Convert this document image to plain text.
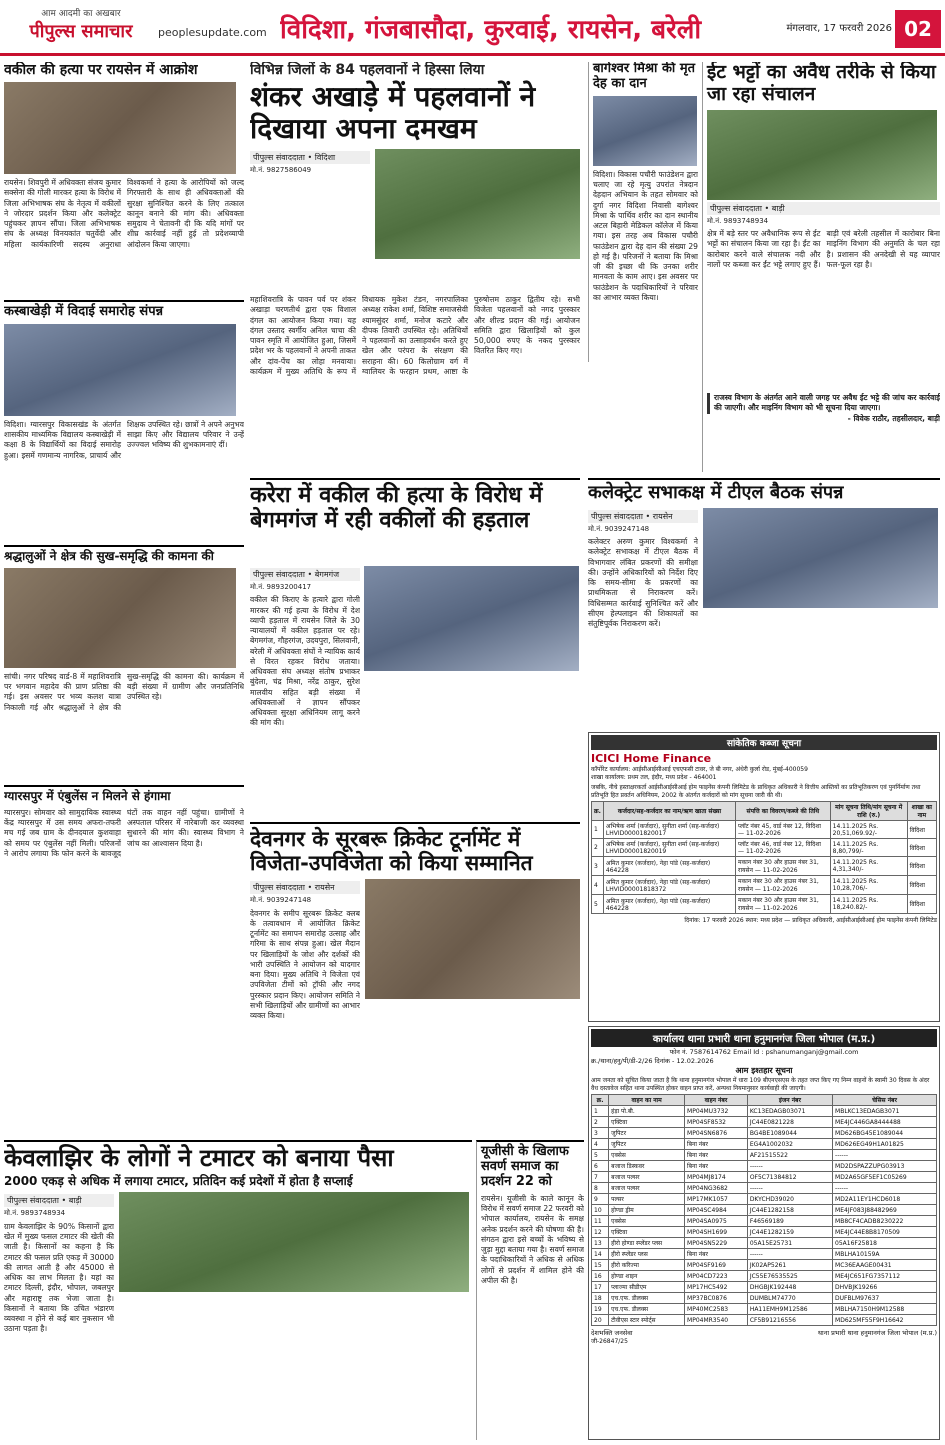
आम आदमी का अखबार
पीपुल्स समाचार	peoplesupdate.com विदिशा, गंजबासौदा, कुरवाई, रायसेन, बरेली	मंगलवार, 17 फरवरी 2026 02
वकील की हत्या पर रायसेन में आक्रोश
रायसेन। शिवपुरी में अधिवक्ता संजय कुमार सक्सेना की गोली मारकर हत्या के विरोध में जिला अभिभाषक संघ के नेतृत्व में वकीलों ने जोरदार प्रदर्शन किया और कलेक्ट्रेट पहुंचकर ज्ञापन सौंपा। जिला अभिभाषक संघ के अध्यक्ष विनयकांत चतुर्वेदी और महिला कार्यकारिणी सदस्य अनुराधा विश्वकर्मा ने हत्या के आरोपियों को जल्द गिरफ्तारी के साथ ही अधिवक्ताओं की सुरक्षा सुनिश्चित करने के लिए तत्काल कानून बनाने की मांग की। अधिवक्ता समुदाय ने चेतावनी दी कि यदि मांगों पर शीघ्र कार्रवाई नहीं हुई तो प्रदेशव्यापी आंदोलन किया जाएगा।
कस्बाखेड़ी में विदाई समारोह संपन्न
विदिशा। ग्यारसपुर विकासखंड के अंतर्गत शासकीय माध्यमिक विद्यालय कस्बाखेड़ी में कक्षा 8 के विद्यार्थियों का विदाई समारोह हुआ। इसमें गणमान्य नागरिक, प्राचार्य और शिक्षक उपस्थित रहे। छात्रों ने अपने अनुभव साझा किए और विद्यालय परिवार ने उन्हें उज्ज्वल भविष्य की शुभकामनाएं दीं।
श्रद्धालुओं ने क्षेत्र की सुख-समृद्धि की कामना की
सांची। नगर परिषद वार्ड-8 में महाशिवरात्रि पर भगवान महादेव की प्राण प्रतिष्ठा की गई। इस अवसर पर भव्य कलश यात्रा निकाली गई और श्रद्धालुओं ने क्षेत्र की सुख-समृद्धि की कामना की। कार्यक्रम में बड़ी संख्या में ग्रामीण और जनप्रतिनिधि उपस्थित रहे।
ग्यारसपुर में एंबुलेंस न मिलने से हंगामा
ग्यारसपुर। सोमवार को सामुदायिक स्वास्थ्य केंद्र ग्यारसपुर में उस समय अफरा-तफरी मच गई जब ग्राम के दीनदयाल कुशवाहा को समय पर एंबुलेंस नहीं मिली। परिजनों ने आरोप लगाया कि फोन करने के बावजूद घंटों तक वाहन नहीं पहुंचा। ग्रामीणों ने अस्पताल परिसर में नारेबाजी कर व्यवस्था सुधारने की मांग की। स्वास्थ्य विभाग ने जांच का आश्वासन दिया है।
विभिन्न जिलों के 84 पहलवानों ने हिस्सा लिया
शंकर अखाड़े में पहलवानों ने दिखाया अपना दमखम
पीपुल्स संवाददाता • विदिशा
मो.नं. 9827586049
महाशिवरात्रि के पावन पर्व पर शंकर अखाड़ा चरणतीर्थ द्वारा एक विशाल दंगल का आयोजन किया गया। यह दंगल उस्ताद स्वर्गीय अनिल चाचा की पावन स्मृति में आयोजित हुआ, जिसमें प्रदेश भर के पहलवानों ने अपनी ताकत और दांव-पेंच का लोहा मनवाया। कार्यक्रम में मुख्य अतिथि के रूप में विधायक मुकेश टंडन, नगरपालिका अध्यक्ष राकेश शर्मा, विशिष्ट समाजसेवी श्यामसुंदर शर्मा, मनोज कटारे और दीपक तिवारी उपस्थित रहे। अतिथियों ने पहलवानों का उत्साहवर्धन करते हुए खेल और परंपरा के संरक्षण की सराहना की। 60 किलोग्राम वर्ग में ग्वालियर के फरहान प्रथम, आष्टा के पुरुषोत्तम ठाकुर द्वितीय रहे। सभी विजेता पहलवानों को नगद पुरस्कार और शील्ड प्रदान की गई। आयोजन समिति द्वारा खिलाड़ियों को कुल 50,000 रुपए के नकद पुरस्कार वितरित किए गए।
बागेश्वर मिश्रा की मृत देह का दान
विदिशा। विकास पचौरी फाउंडेशन द्वारा चलाए जा रहे मृत्यु उपरांत नेत्रदान देहदान अभियान के तहत सोमवार को दुर्गा नगर विदिशा निवासी बागेश्वर मिश्रा के पार्थिव शरीर का दान स्थानीय अटल बिहारी मेडिकल कॉलेज में किया गया। इस तरह अब विकास पचौरी फाउंडेशन द्वारा देह दान की संख्या 29 हो गई है। परिजनों ने बताया कि मिश्रा जी की इच्छा थी कि उनका शरीर मानवता के काम आए। इस अवसर पर फाउंडेशन के पदाधिकारियों ने परिवार का आभार व्यक्त किया।
ईट भट्टों का अवैध तरीके से किया जा रहा संचालन
पीपुल्स संवाददाता • बाड़ी
मो.नं. 9893748934
क्षेत्र में बड़े स्तर पर अवैधानिक रूप से ईट भट्टों का संचालन किया जा रहा है। ईंट का कारोबार करने वाले संचालक नदी और नालों पर कब्जा कर ईंट भट्टे लगाए हुए हैं। बाड़ी एवं बरेली तहसील में कारोबार बिना माइनिंग विभाग की अनुमति के चल रहा है। प्रशासन की अनदेखी से यह व्यापार फल-फूल रहा है।
राजस्व विभाग के अंतर्गत आने वाली जगह पर अवैध ईट भट्टे की जांच कर कार्रवाई की जाएगी। और माइनिंग विभाग को भी सूचना दिया जाएगा।
- विवेक राठौर, तहसीलदार, बाड़ी
करेरा में वकील की हत्या के विरोध में बेगमगंज में रही वकीलों की हड़ताल
पीपुल्स संवाददाता • बेगमगंज
मो.नं. 9893200417
वकील की किराए के हत्यारे द्वारा गोली मारकर की गई हत्या के विरोध में देश व्यापी हड़ताल में रायसेन जिले के 30 न्यायालयों में वकील हड़ताल पर रहे। बेगमगंज, गौहरगंज, उदयपुरा, सिलवानी, बरेली में अधिवक्ता संघों ने न्यायिक कार्य से विरत रहकर विरोध जताया। अधिवक्ता संघ अध्यक्ष संतोष प्रभाकर बुंदेला, चंद्र मिश्रा, नरेंद्र ठाकुर, सुरेश मालवीय सहित बड़ी संख्या में अधिवक्ताओं ने ज्ञापन सौंपकर अधिवक्ता सुरक्षा अधिनियम लागू करने की मांग की।
कलेक्ट्रेट सभाकक्ष में टीएल बैठक संपन्न
पीपुल्स संवाददाता • रायसेन
मो.नं. 9039247148
कलेक्टर अरुण कुमार विश्वकर्मा ने कलेक्ट्रेट सभाकक्ष में टीएल बैठक में विभागवार लंबित प्रकरणों की समीक्षा की। उन्होंने अधिकारियों को निर्देश दिए कि समय-सीमा के प्रकरणों का प्राथमिकता से निराकरण करें। विधिसम्मत कार्रवाई सुनिश्चित करें और सीएम हेल्पलाइन की शिकायतों का संतुष्टिपूर्वक निराकरण करें।
देवनगर के सूरबरू क्रिकेट टूर्नामेंट में विजेता-उपविजेता को किया सम्मानित
पीपुल्स संवाददाता • रायसेन
मो.नं. 9039247148
देवनगर के समीप सूरबरू क्रिकेट क्लब के तत्वावधान में आयोजित क्रिकेट टूर्नामेंट का समापन समारोह उत्साह और गरिमा के साथ संपन्न हुआ। खेल मैदान पर खिलाड़ियों के जोश और दर्शकों की भारी उपस्थिति ने आयोजन को यादगार बना दिया। मुख्य अतिथि ने विजेता एवं उपविजेता टीमों को ट्रॉफी और नगद पुरस्कार प्रदान किए। आयोजन समिति ने सभी खिलाड़ियों और ग्रामीणों का आभार व्यक्त किया।
सांकेतिक कब्जा सूचना
ICICI Home Finance
कॉर्पोरेट कार्यालय: आईसीआईसीआई एचएफसी टावर, जे बी नगर, अंधेरी कुर्ला रोड, मुंबई-400059
शाखा कार्यालय: प्रथम तल, इंदौर, मध्य प्रदेश - 464001
जबकि, नीचे हस्ताक्षरकर्ता आईसीआईसीआई होम फाइनेंस कंपनी लिमिटेड के प्राधिकृत अधिकारी ने वित्तीय आस्तियों का प्रतिभूतिकरण एवं पुनर्निर्माण तथा प्रतिभूति हित प्रवर्तन अधिनियम, 2002 के अंतर्गत कर्जदारों को मांग सूचना जारी की थी।
क्र.	कर्जदार/सह-कर्जदार का नाम/ऋण खाता संख्या	संपत्ति का विवरण/कब्जे की तिथि	मांग सूचना तिथि/मांग सूचना में राशि (रु.)	शाखा का नाम
1	अभिषेक शर्मा (कर्जदार), सुनीता शर्मा (सह-कर्जदार) LHVID00001820017	प्लॉट नंबर 45, वार्ड नंबर 12, विदिशा — 11-02-2026	14.11.2025 Rs. 20,51,069.92/-	विदिशा
2	अभिषेक शर्मा (कर्जदार), सुनीता शर्मा (सह-कर्जदार) LHVID00001820019	प्लॉट नंबर 46, वार्ड नंबर 12, विदिशा — 11-02-2026	14.11.2025 Rs. 8,80,799/-	विदिशा
3	अमित कुमार (कर्जदार), नेहा पांडे (सह-कर्जदार) 464228	मकान नंबर 30 और हाउस नंबर 31, रायसेन — 11-02-2026	14.11.2025 Rs. 4,31,340/-	विदिशा
4	अमित कुमार (कर्जदार), नेहा पांडे (सह-कर्जदार) LHVID00001818372	मकान नंबर 30 और हाउस नंबर 31, रायसेन — 11-02-2026	14.11.2025 Rs. 10,28,706/-	विदिशा
5	अमित कुमार (कर्जदार), नेहा पांडे (सह-कर्जदार) 464228	मकान नंबर 30 और हाउस नंबर 31, रायसेन — 11-02-2026	14.11.2025 Rs. 18,240.82/-	विदिशा
दिनांक: 17 फरवरी 2026 स्थान: मध्य प्रदेश — प्राधिकृत अधिकारी, आईसीआईसीआई होम फाइनेंस कंपनी लिमिटेड
केवलाझिर के लोगों ने टमाटर को बनाया पैसा
2000 एकड़ से अधिक में लगाया टमाटर, प्रतिदिन कई प्रदेशों में होता है सप्लाई
पीपुल्स संवाददाता • बाड़ी
मो.नं. 9893748934
ग्राम केवलाझिर के 90% किसानों द्वारा खेत में मुख्य फसल टमाटर की खेती की जाती है। किसानों का कहना है कि टमाटर की फसल प्रति एकड़ में 30000 की लागत आती है और 45000 से अधिक का लाभ मिलता है। यहां का टमाटर दिल्ली, इंदौर, भोपाल, जबलपुर और महाराष्ट्र तक भेजा जाता है। किसानों ने बताया कि उचित भंडारण व्यवस्था न होने से कई बार नुकसान भी उठाना पड़ता है।
यूजीसी के खिलाफ सवर्ण समाज का प्रदर्शन 22 को
रायसेन। यूजीसी के काले कानून के विरोध में सवर्ण समाज 22 फरवरी को भोपाल कार्यालय, रायसेन के समक्ष अनेक प्रदर्शन करने की घोषणा की है। संगठन द्वारा इसे बच्चों के भविष्य से जुड़ा मुद्दा बताया गया है। सवर्ण समाज के पदाधिकारियों ने अधिक से अधिक लोगों से प्रदर्शन में शामिल होने की अपील की है।
कार्यालय थाना प्रभारी थाना हनुमानगंज जिला भोपाल (म.प्र.)
फोन नं. 7587614762 Email Id : pshanumanganj@gmail.com
क्र./थाना/हनु/पी/डी-2/26 दिनांक - 12.02.2026
आम इश्तहार सूचना
आम जनता को सूचित किया जाता है कि थाना हनुमानगंज भोपाल में धारा 109 बीएनएसएस के तहत जप्त किए गए निम्न वाहनों के स्वामी 30 दिवस के अंदर वैध दस्तावेज सहित थाना उपस्थित होकर वाहन प्राप्त करें, अन्यथा नियमानुसार कार्यवाही की जाएगी।
क्र.	वाहन का नाम	वाहन नंबर	इंजन नंबर	चेसिस नंबर
1	हंड़ा पो.बी.	MP04MU3732	KC13EDAGB03071	MBLKC13EDAGB3071
2	एक्टिवा	MP04SF8532	JC44E0821228	ME4JC446GA8444488
3	जुपिटर	MP04SN6876	BG4BE1089044	MD626BG45E1089044
4	जुपिटर	बिना नंबर	EG4A1002032	MD626EG49H1A01825
5	एक्सेस	बिना नंबर	AF21515522	------
6	बजाज डिस्कवर	बिना नंबर	------	MD2DSPAZZUPG03913
7	बजाज पल्सर	MP04MJ8174	OF5C71384812	MD2A65GF5EF1C05269
8	बजाज पल्सर	MP04NG3682	------	------
9	पल्सर	MP17MK1057	DKYCHD39020	MD2A11EY1HCD6018
10	होण्डा ड्रीम	MP04SC4984	JC44E1282158	ME4JF083J88482969
11	एक्सेस	MP04SA0975	F46569189	MB8CF4CADB8230222
12	एक्टिवा	MP04SH1699	JC44E1282159	ME4JC44E8B8170509
13	हीरो होण्डा स्प्लेंडर प्लस	MP04SN5229	05A15E25731	05A16F25818
14	हीरो स्प्लेंडर प्लस	बिना नंबर	------	MBLHA10159A
15	हीरो करिज्मा	MP04SF9169	JK02AP5261	MC36EAAGE00431
16	होण्डा शाइन	MP04CD7223	JC55E76535525	ME4JC651FG7357112
17	प्लाज्मा सीडीएम	MP17HC5492	DHGBJK192448	DHVBJK19266
18	एच.एफ. डीलक्स	MP37BC0876	DUMBLM74770	DUFBLM97637
19	एच.एफ. डीलक्स	MP40MC2583	HA11EMH9M12586	MBLHA7150H9M12588
20	टीवीएस स्टार स्पोर्ट्स	MP04MR3540	CF5B91216556	MD625MF55F9H16642
देशभक्ति जनसेवा	थाना प्रभारी थाना हनुमानगंज जिला भोपाल (म.प्र.)
जी-26847/25
